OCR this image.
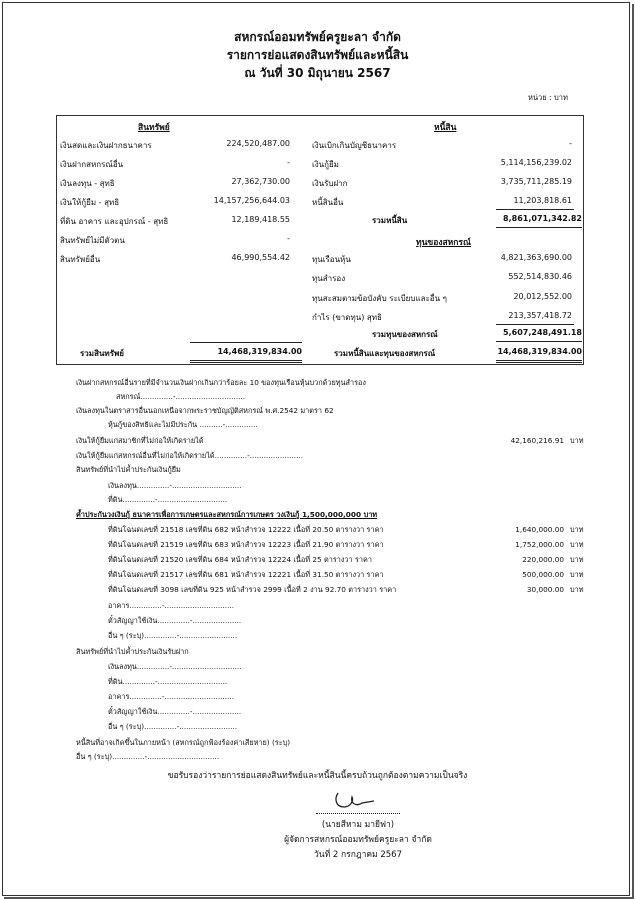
สหกรณ์ออมทรัพย์ครูยะลา จำกัด
รายการย่อแสดงสินทรัพย์และหนี้สิน
ณ วันที่ 30 มิถุนายน 2567
หน่วย : บาท
สินทรัพย์	หนี้สิน
เงินสดและเงินฝากธนาคาร	224,520,487.00
เงินฝากสหกรณ์อื่น	-
เงินลงทุน - สุทธิ	27,362,730.00
เงินให้กู้ยืม - สุทธิ	14,157,256,644.03
ที่ดิน อาคาร และอุปกรณ์ - สุทธิ	12,189,418.55
สินทรัพย์ไม่มีตัวตน	-
สินทรัพย์อื่น	46,990,554.42
เงินเบิกเกินบัญชีธนาคาร	-
เงินกู้ยืม	5,114,156,239.02
เงินรับฝาก	3,735,711,285.19
หนี้สินอื่น	11,203,818.61
รวมหนี้สิน	8,861,071,342.82
ทุนของสหกรณ์
ทุนเรือนหุ้น	4,821,363,690.00
ทุนสำรอง	552,514,830.46
ทุนสะสมตามข้อบังคับ ระเบียบและอื่น ๆ	20,012,552.00
กำไร (ขาดทุน) สุทธิ	213,357,418.72
รวมทุนของสหกรณ์	5,607,248,491.18
รวมสินทรัพย์	14,468,319,834.00	รวมหนี้สินและทุนของสหกรณ์	14,468,319,834.00
เงินฝากสหกรณ์อื่นรายที่มีจำนวนเงินฝากเกินกว่าร้อยละ 10 ของทุนเรือนหุ้นบวกด้วยทุนสำรอง
สหกรณ์..............-..............................
เงินลงทุนในตราสารอื่นนอกเหนือจากพระราชบัญญัติสหกรณ์ พ.ศ.2542 มาตรา 62
หุ้นกู้ของสิทธิและไม่มีประกัน ..........-..............
เงินให้กู้ยืมแก่สมาชิกที่ไม่ก่อให้เกิดรายได้	42,160,216.91 บาท
เงินให้กู้ยืมแก่สหกรณ์อื่นที่ไม่ก่อให้เกิดรายได้..............-.......................
สินทรัพย์ที่นำไปค้ำประกันเงินกู้ยืม
เงินลงทุน..............-..............................
ที่ดิน..............-..............................
ค้ำประกันวงเงินกู้ ธนาคารเพื่อการเกษตรและสหกรณ์การเกษตร วงเงินกู้ 1,500,000,000 บาท
ที่ดินโฉนดเลขที่ 21518 เลขที่ดิน 682 หน้าสำรวจ 12222 เนื้อที่ 20.50 ตารางวา ราคา	1,640,000.00 บาท
ที่ดินโฉนดเลขที่ 21519 เลขที่ดิน 683 หน้าสำรวจ 12223 เนื้อที่ 21.90 ตารางวา ราคา	1,752,000.00 บาท
ที่ดินโฉนดเลขที่ 21520 เลขที่ดิน 684 หน้าสำรวจ 12224 เนื้อที่ 25 ตารางวา ราคา	220,000.00 บาท
ที่ดินโฉนดเลขที่ 21517 เลขที่ดิน 681 หน้าสำรวจ 12221 เนื้อที่ 31.50 ตารางวา ราคา	500,000.00 บาท
ที่ดินโฉนดเลขที่ 3098 เลขที่ดิน 925 หน้าสำรวจ 2999 เนื้อที่ 2 งาน 92.70 ตารางวา ราคา	30,000.00 บาท
อาคาร..............-..............................
ตั๋วสัญญาใช้เงิน..............-.....................
อื่น ๆ (ระบุ)..............-.........................
สินทรัพย์ที่นำไปค้ำประกันเงินรับฝาก
เงินลงทุน..............-..............................
ที่ดิน..............-..............................
อาคาร..............-..............................
ตั๋วสัญญาใช้เงิน..............-.....................
อื่น ๆ (ระบุ)..............-.........................
หนี้สินที่อาจเกิดขึ้นในภายหน้า (สหกรณ์ถูกฟ้องร้องค่าเสียหาย) (ระบุ)
อื่น ๆ (ระบุ)..............-...............................
ขอรับรองว่ารายการย่อแสดงสินทรัพย์และหนี้สินนี้ครบถ้วนถูกต้องตามความเป็นจริง
(นายสีหาม มายีฟา)
ผู้จัดการสหกรณ์ออมทรัพย์ครูยะลา จำกัด
วันที่ 2 กรกฎาคม 2567
